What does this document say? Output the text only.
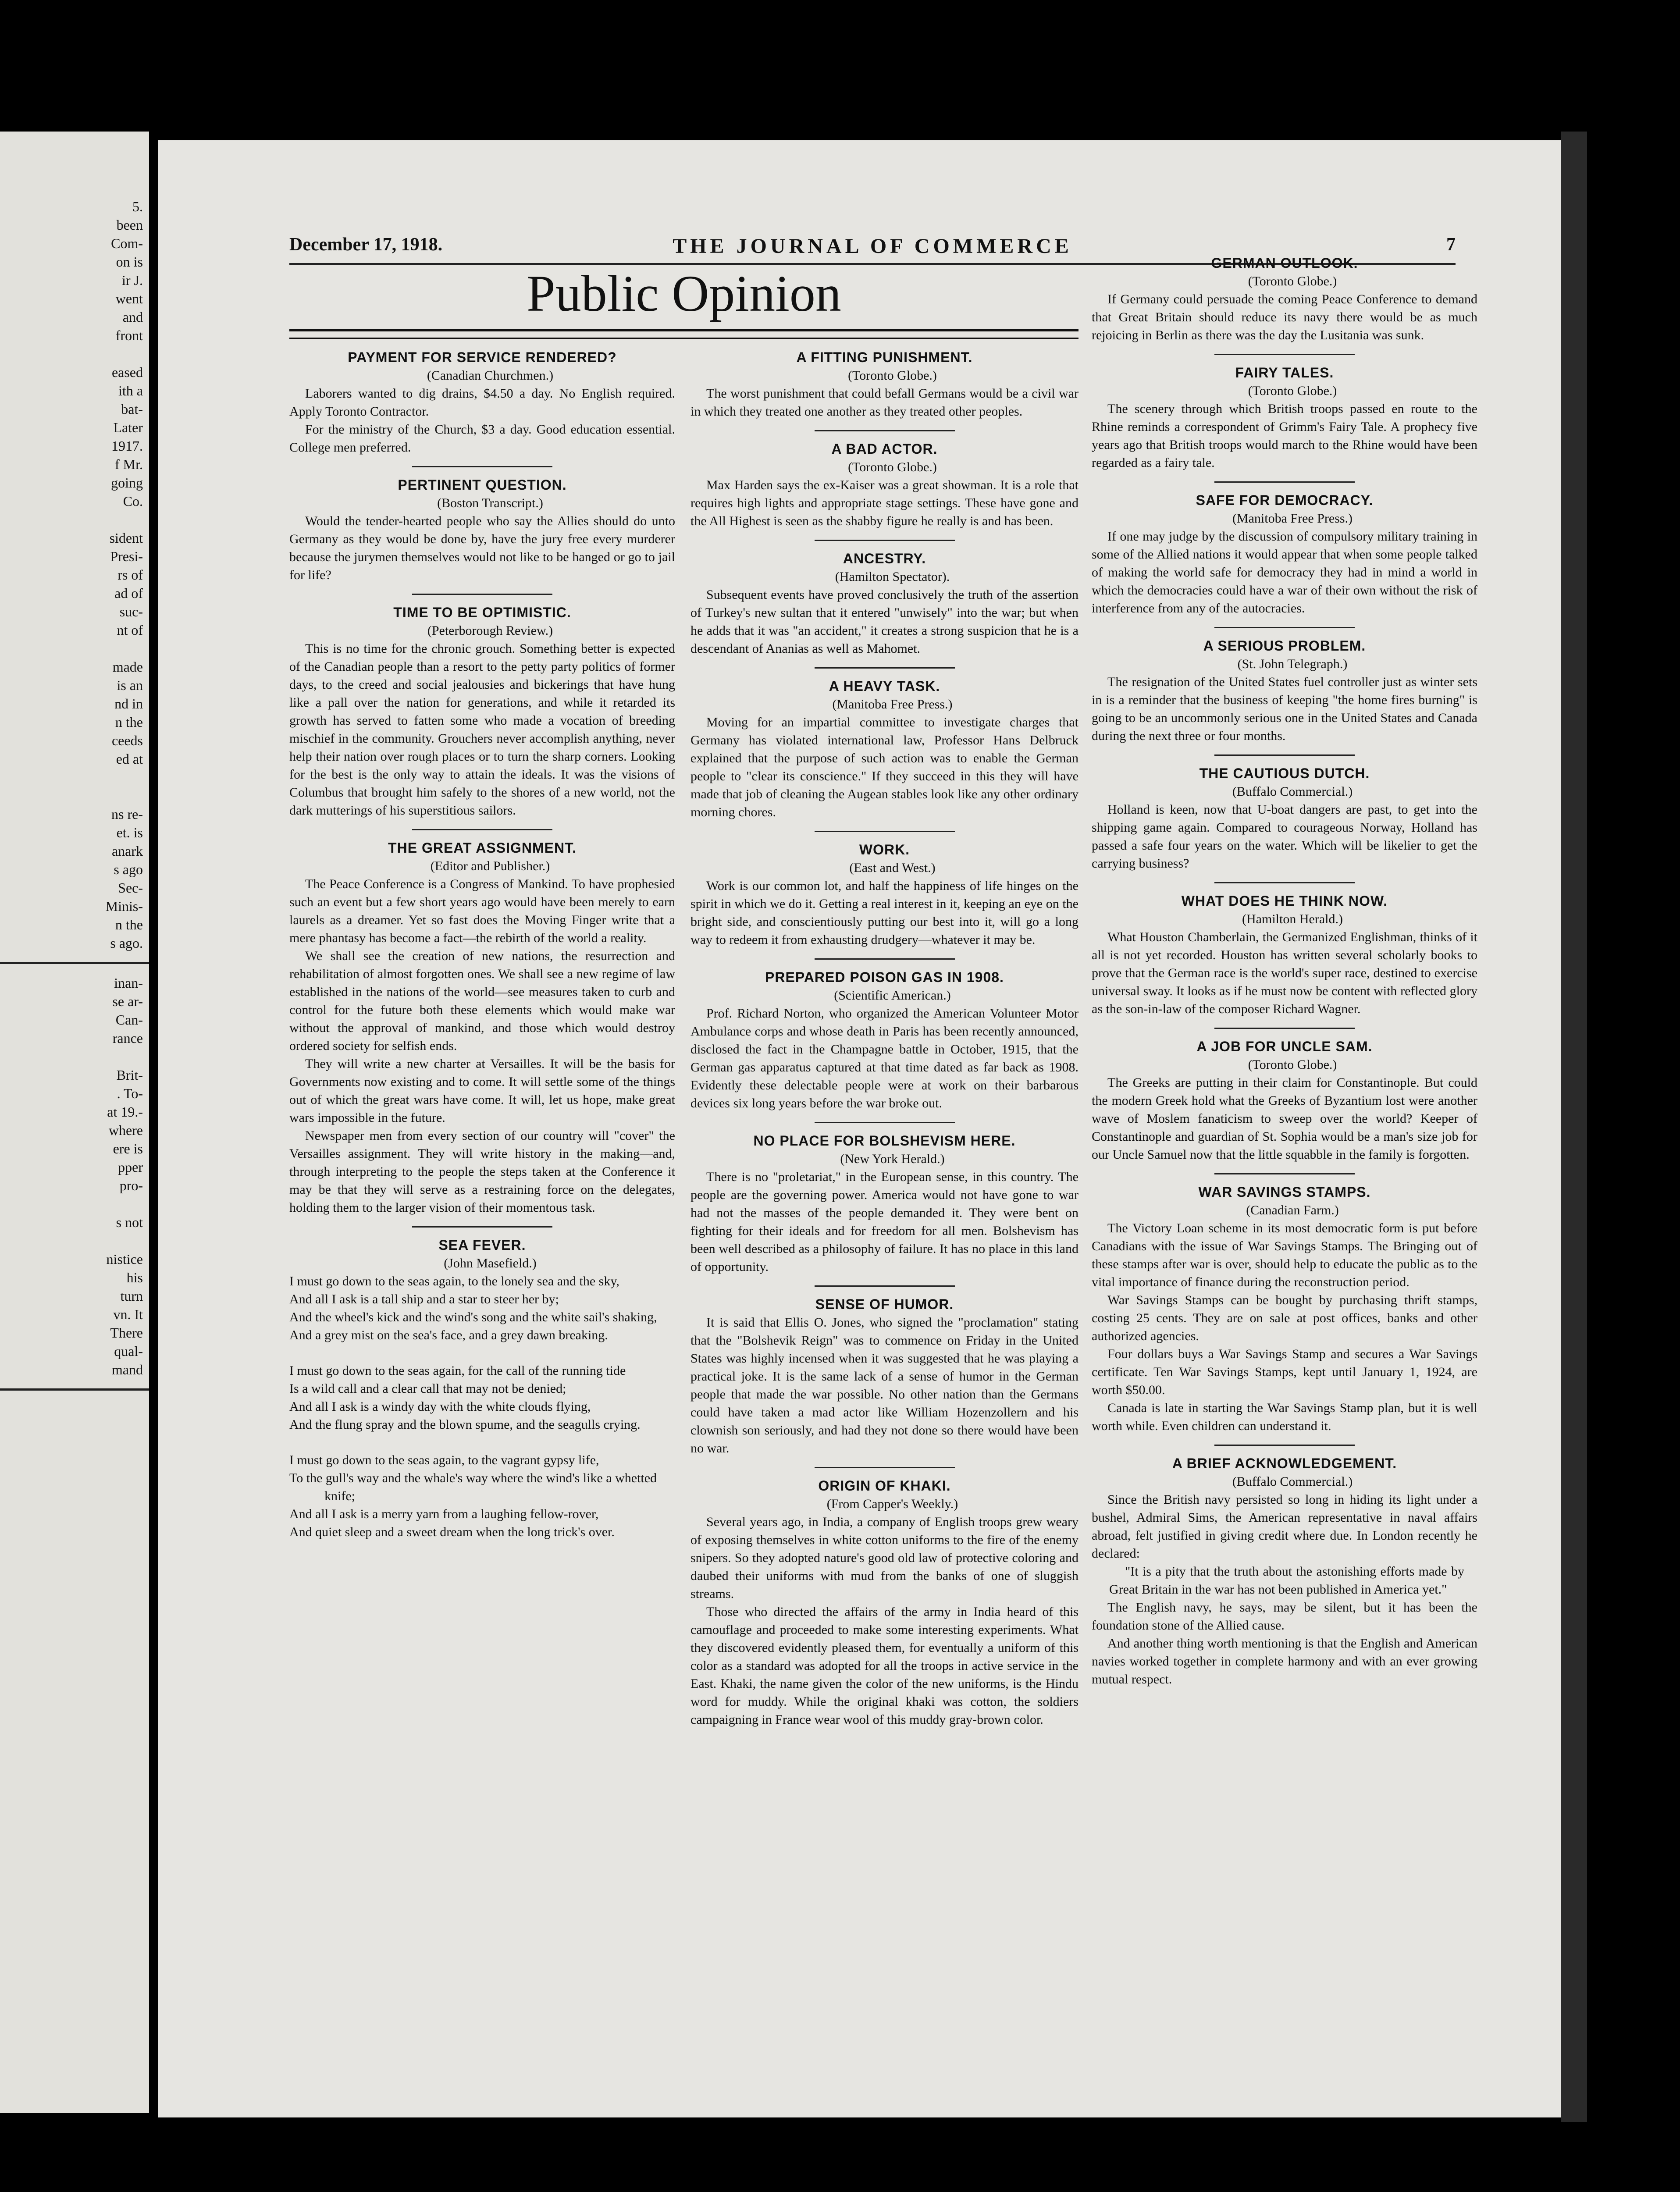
5.
been
Com-
on is
ir J.
went
and
front

eased
ith a
bat-
Later
1917.
f Mr.
going
Co.

sident
Presi-
rs of
ad of
suc-
nt of

made
is an
nd in
n the
ceeds
ed at

ns re-
et. is
anark
s ago
Sec-
Minis-
n the
s ago.
inan-
se ar-
Can-
rance

Brit-
. To-
at 19.-
where
ere is
pper
pro-

s not

nistice
his
turn
vn. It
There
qual-
mand
December 17, 1918.	THE JOURNAL OF COMMERCE	7
Public Opinion
PAYMENT FOR SERVICE RENDERED?

(Canadian Churchmen.)

Laborers wanted to dig drains, $4.50 a day. No English required. Apply Toronto Contractor.

For the ministry of the Church, $3 a day. Good education essential. College men preferred.

PERTINENT QUESTION.

(Boston Transcript.)

Would the tender-hearted people who say the Allies should do unto Germany as they would be done by, have the jury free every murderer because the jurymen themselves would not like to be hanged or go to jail for life?

TIME TO BE OPTIMISTIC.

(Peterborough Review.)

This is no time for the chronic grouch. Something better is expected of the Canadian people than a resort to the petty party politics of former days, to the creed and social jealousies and bickerings that have hung like a pall over the nation for generations, and while it retarded its growth has served to fatten some who made a vocation of breeding mischief in the community. Grouchers never accomplish anything, never help their nation over rough places or to turn the sharp corners. Looking for the best is the only way to attain the ideals. It was the visions of Columbus that brought him safely to the shores of a new world, not the dark mutterings of his superstitious sailors.

THE GREAT ASSIGNMENT.

(Editor and Publisher.)

The Peace Conference is a Congress of Mankind. To have prophesied such an event but a few short years ago would have been merely to earn laurels as a dreamer. Yet so fast does the Moving Finger write that a mere phantasy has become a fact—the rebirth of the world a reality.

We shall see the creation of new nations, the resurrection and rehabilitation of almost forgotten ones. We shall see a new regime of law established in the nations of the world—see measures taken to curb and control for the future both these elements which would make war without the approval of mankind, and those which would destroy ordered society for selfish ends.

They will write a new charter at Versailles. It will be the basis for Governments now existing and to come. It will settle some of the things out of which the great wars have come. It will, let us hope, make great wars impossible in the future.

Newspaper men from every section of our country will "cover" the Versailles assignment. They will write history in the making—and, through interpreting to the people the steps taken at the Conference it may be that they will serve as a restraining force on the delegates, holding them to the larger vision of their momentous task.

SEA FEVER.

(John Masefield.)

I must go down to the seas again, to the lonely sea and the sky,

And all I ask is a tall ship and a star to steer her by;

And the wheel's kick and the wind's song and the white sail's shaking,

And a grey mist on the sea's face, and a grey dawn breaking.

I must go down to the seas again, for the call of the running tide

Is a wild call and a clear call that may not be denied;

And all I ask is a windy day with the white clouds flying,

And the flung spray and the blown spume, and the seagulls crying.

I must go down to the seas again, to the vagrant gypsy life,

To the gull's way and the whale's way where the wind's like a whetted knife;

And all I ask is a merry yarn from a laughing fellow-rover,

And quiet sleep and a sweet dream when the long trick's over.

A FITTING PUNISHMENT.

(Toronto Globe.)

The worst punishment that could befall Germans would be a civil war in which they treated one another as they treated other peoples.

A BAD ACTOR.

(Toronto Globe.)

Max Harden says the ex-Kaiser was a great showman. It is a role that requires high lights and appropriate stage settings. These have gone and the All Highest is seen as the shabby figure he really is and has been.

ANCESTRY.

(Hamilton Spectator).

Subsequent events have proved conclusively the truth of the assertion of Turkey's new sultan that it entered "unwisely" into the war; but when he adds that it was "an accident," it creates a strong suspicion that he is a descendant of Ananias as well as Mahomet.

A HEAVY TASK.

(Manitoba Free Press.)

Moving for an impartial committee to investigate charges that Germany has violated international law, Professor Hans Delbruck explained that the purpose of such action was to enable the German people to "clear its conscience." If they succeed in this they will have made that job of cleaning the Augean stables look like any other ordinary morning chores.

WORK.

(East and West.)

Work is our common lot, and half the happiness of life hinges on the spirit in which we do it. Getting a real interest in it, keeping an eye on the bright side, and conscientiously putting our best into it, will go a long way to redeem it from exhausting drudgery—whatever it may be.

PREPARED POISON GAS IN 1908.

(Scientific American.)

Prof. Richard Norton, who organized the American Volunteer Motor Ambulance corps and whose death in Paris has been recently announced, disclosed the fact in the Champagne battle in October, 1915, that the German gas apparatus captured at that time dated as far back as 1908. Evidently these delectable people were at work on their barbarous devices six long years before the war broke out.

NO PLACE FOR BOLSHEVISM HERE.

(New York Herald.)

There is no "proletariat," in the European sense, in this country. The people are the governing power. America would not have gone to war had not the masses of the people demanded it. They were bent on fighting for their ideals and for freedom for all men. Bolshevism has been well described as a philosophy of failure. It has no place in this land of opportunity.

SENSE OF HUMOR.

It is said that Ellis O. Jones, who signed the "proclamation" stating that the "Bolshevik Reign" was to commence on Friday in the United States was highly incensed when it was suggested that he was playing a practical joke. It is the same lack of a sense of humor in the German people that made the war possible. No other nation than the Germans could have taken a mad actor like William Hozenzollern and his clownish son seriously, and had they not done so there would have been no war.

ORIGIN OF KHAKI.

(From Capper's Weekly.)

Several years ago, in India, a company of English troops grew weary of exposing themselves in white cotton uniforms to the fire of the enemy snipers. So they adopted nature's good old law of protective coloring and daubed their uniforms with mud from the banks of one of sluggish streams.

Those who directed the affairs of the army in India heard of this camouflage and proceeded to make some interesting experiments. What they discovered evidently pleased them, for eventually a uniform of this color as a standard was adopted for all the troops in active service in the East. Khaki, the name given the color of the new uniforms, is the Hindu word for muddy. While the original khaki was cotton, the soldiers campaigning in France wear wool of this muddy gray-brown color.

GERMAN OUTLOOK.

(Toronto Globe.)

If Germany could persuade the coming Peace Conference to demand that Great Britain should reduce its navy there would be as much rejoicing in Berlin as there was the day the Lusitania was sunk.

FAIRY TALES.

(Toronto Globe.)

The scenery through which British troops passed en route to the Rhine reminds a correspondent of Grimm's Fairy Tale. A prophecy five years ago that British troops would march to the Rhine would have been regarded as a fairy tale.

SAFE FOR DEMOCRACY.

(Manitoba Free Press.)

If one may judge by the discussion of compulsory military training in some of the Allied nations it would appear that when some people talked of making the world safe for democracy they had in mind a world in which the democracies could have a war of their own without the risk of interference from any of the autocracies.

A SERIOUS PROBLEM.

(St. John Telegraph.)

The resignation of the United States fuel controller just as winter sets in is a reminder that the business of keeping "the home fires burning" is going to be an uncommonly serious one in the United States and Canada during the next three or four months.

THE CAUTIOUS DUTCH.

(Buffalo Commercial.)

Holland is keen, now that U-boat dangers are past, to get into the shipping game again. Compared to courageous Norway, Holland has passed a safe four years on the water. Which will be likelier to get the carrying business?

WHAT DOES HE THINK NOW.

(Hamilton Herald.)

What Houston Chamberlain, the Germanized Englishman, thinks of it all is not yet recorded. Houston has written several scholarly books to prove that the German race is the world's super race, destined to exercise universal sway. It looks as if he must now be content with reflected glory as the son-in-law of the composer Richard Wagner.

A JOB FOR UNCLE SAM.

(Toronto Globe.)

The Greeks are putting in their claim for Constantinople. But could the modern Greek hold what the Greeks of Byzantium lost were another wave of Moslem fanaticism to sweep over the world? Keeper of Constantinople and guardian of St. Sophia would be a man's size job for our Uncle Samuel now that the little squabble in the family is forgotten.

WAR SAVINGS STAMPS.

(Canadian Farm.)

The Victory Loan scheme in its most democratic form is put before Canadians with the issue of War Savings Stamps. The Bringing out of these stamps after war is over, should help to educate the public as to the vital importance of finance during the reconstruction period.

War Savings Stamps can be bought by purchasing thrift stamps, costing 25 cents. They are on sale at post offices, banks and other authorized agencies.

Four dollars buys a War Savings Stamp and secures a War Savings certificate. Ten War Savings Stamps, kept until January 1, 1924, are worth $50.00.

Canada is late in starting the War Savings Stamp plan, but it is well worth while. Even children can understand it.

A BRIEF ACKNOWLEDGEMENT.

(Buffalo Commercial.)

Since the British navy persisted so long in hiding its light under a bushel, Admiral Sims, the American representative in naval affairs abroad, felt justified in giving credit where due. In London recently he declared:

"It is a pity that the truth about the astonishing efforts made by Great Britain in the war has not been published in America yet."

The English navy, he says, may be silent, but it has been the foundation stone of the Allied cause.

And another thing worth mentioning is that the English and American navies worked together in complete harmony and with an ever growing mutual respect.
